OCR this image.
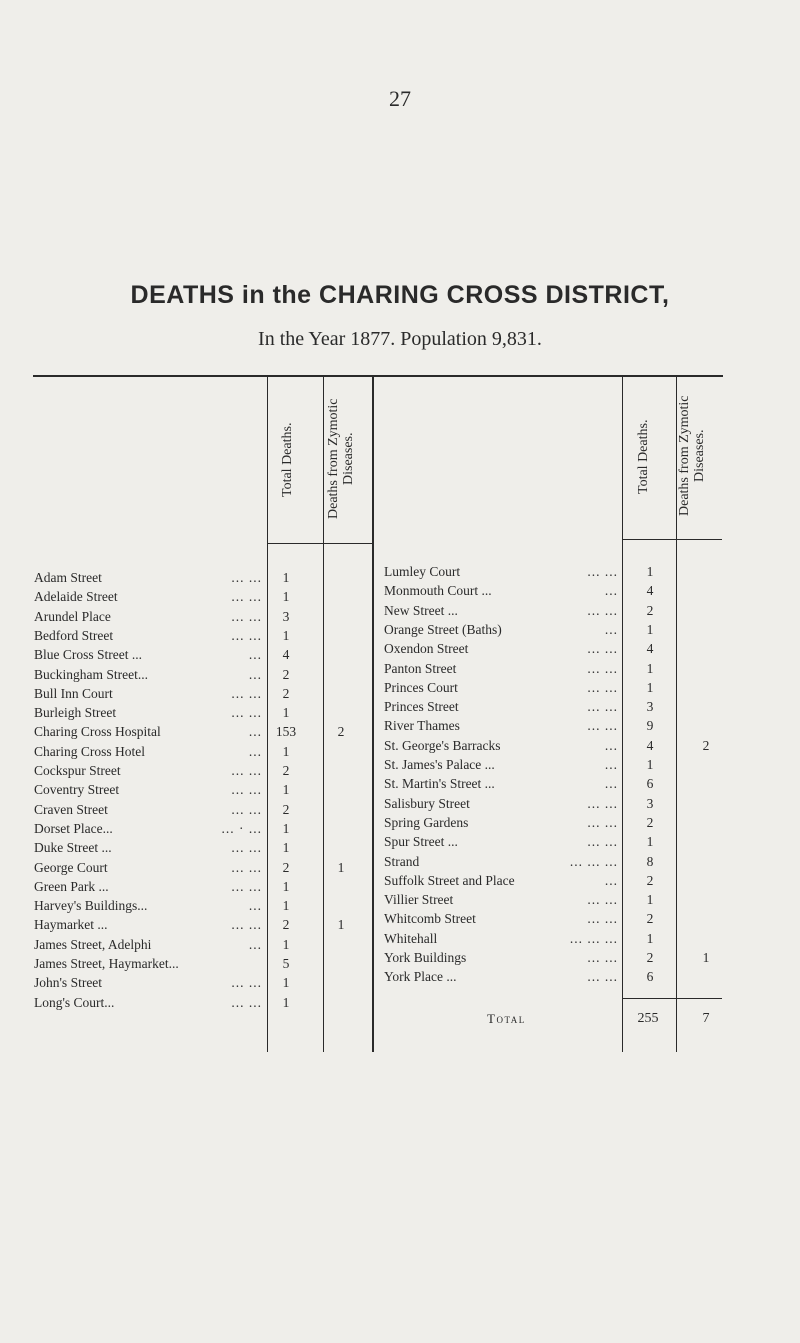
27
DEATHS in the CHARING CROSS DISTRICT,
In the Year 1877. Population 9,831.
Total Deaths. Deaths from Zymotic Diseases.	Total Deaths. Deaths from Zymotic Diseases.
Adam Street	... ...	1
Adelaide Street	... ...	1
Arundel Place	... ...	3
Bedford Street	... ...	1
Blue Cross Street ...	...	4
Buckingham Street...	...	2
Bull Inn Court	... ...	2
Burleigh Street	... ...	1
Charing Cross Hospital	...	153	2
Charing Cross Hotel	...	1
Cockspur Street	... ...	2
Coventry Street	... ...	1
Craven Street	... ...	2
Dorset Place...	... · ...	1
Duke Street ...	... ...	1
George Court	... ...	2	1
Green Park ...	... ...	1
Harvey's Buildings...	...	1
Haymarket ...	... ...	2	1
James Street, Adelphi	...	1
James Street, Haymarket...	5
John's Street	... ...	1
Long's Court...	... ...	1
Lumley Court	... ...	1
Monmouth Court ...	...	4
New Street ...	... ...	2
Orange Street (Baths)	...	1
Oxendon Street	... ...	4
Panton Street	... ...	1
Princes Court	... ...	1
Princes Street	... ...	3
River Thames	... ...	9
St. George's Barracks	...	4	2
St. James's Palace ...	...	1
St. Martin's Street ...	...	6
Salisbury Street	... ...	3
Spring Gardens	... ...	2
Spur Street ...	... ...	1
Strand	... ... ...	8
Suffolk Street and Place	...	2
Villier Street	... ...	1
Whitcomb Street	... ...	2
Whitehall	... ... ...	1
York Buildings	... ...	2	1
York Place ...	... ...	6
Total	255	7
